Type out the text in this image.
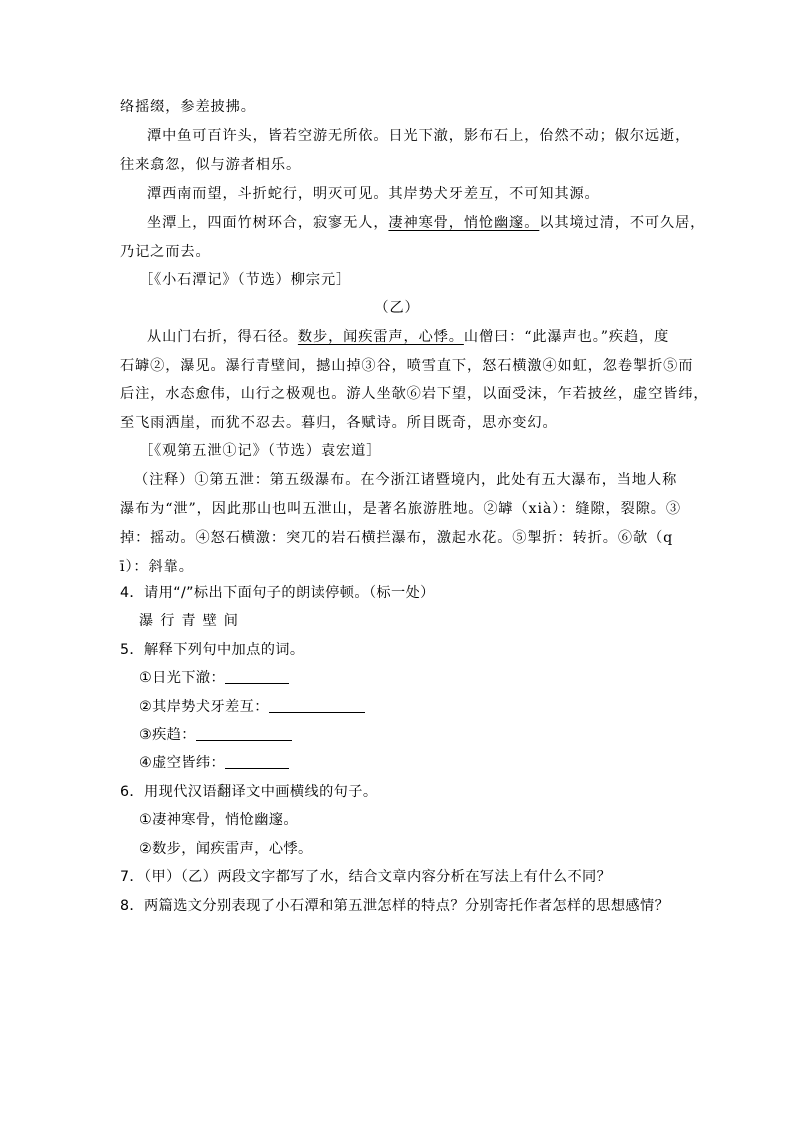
络摇缀，参差披拂。
潭中鱼可百许头，皆若空游无所依。日光下澈，影布石上，佁然不动；俶尔远逝，
往来翕忽，似与游者相乐。
潭西南而望，斗折蛇行，明灭可见。其岸势犬牙差互，不可知其源。
坐潭上，四面竹树环合，寂寥无人，凄神寒骨，悄怆幽邃。以其境过清，不可久居，
乃记之而去。
［《小石潭记》（节选）柳宗元］
（乙）
从山门右折，得石径。数步，闻疾雷声，心悸。山僧曰：“此瀑声也。”疾趋，度
石罅②，瀑见。瀑行青壁间，撼山掉③谷，喷雪直下，怒石横激④如虹，忽卷掣折⑤而
后注，水态愈伟，山行之极观也。游人坐欹⑥岩下望，以面受沫，乍若披丝，虚空皆纬，
至飞雨洒崖，而犹不忍去。暮归，各赋诗。所目既奇，思亦变幻。
［《观第五泄①记》（节选）袁宏道］
（注释）①第五泄：第五级瀑布。在今浙江诸暨境内，此处有五大瀑布，当地人称
瀑布为“泄”，因此那山也叫五泄山，是著名旅游胜地。②罅（xià）：缝隙，裂隙。③
掉：摇动。④怒石横激：突兀的岩石横拦瀑布，激起水花。⑤掣折：转折。⑥欹（q
ī）：斜靠。
4．请用“/”标出下面句子的朗读停顿。（标一处）
瀑行青壁间
5．解释下列句中加点的词。
①日光下澈：
②其岸势犬牙差互：
③疾趋：
④虚空皆纬：
6．用现代汉语翻译文中画横线的句子。
①凄神寒骨，悄怆幽邃。
②数步，闻疾雷声，心悸。
7．（甲）（乙）两段文字都写了水，结合文章内容分析在写法上有什么不同？
8．两篇选文分别表现了小石潭和第五泄怎样的特点？分别寄托作者怎样的思想感情？
